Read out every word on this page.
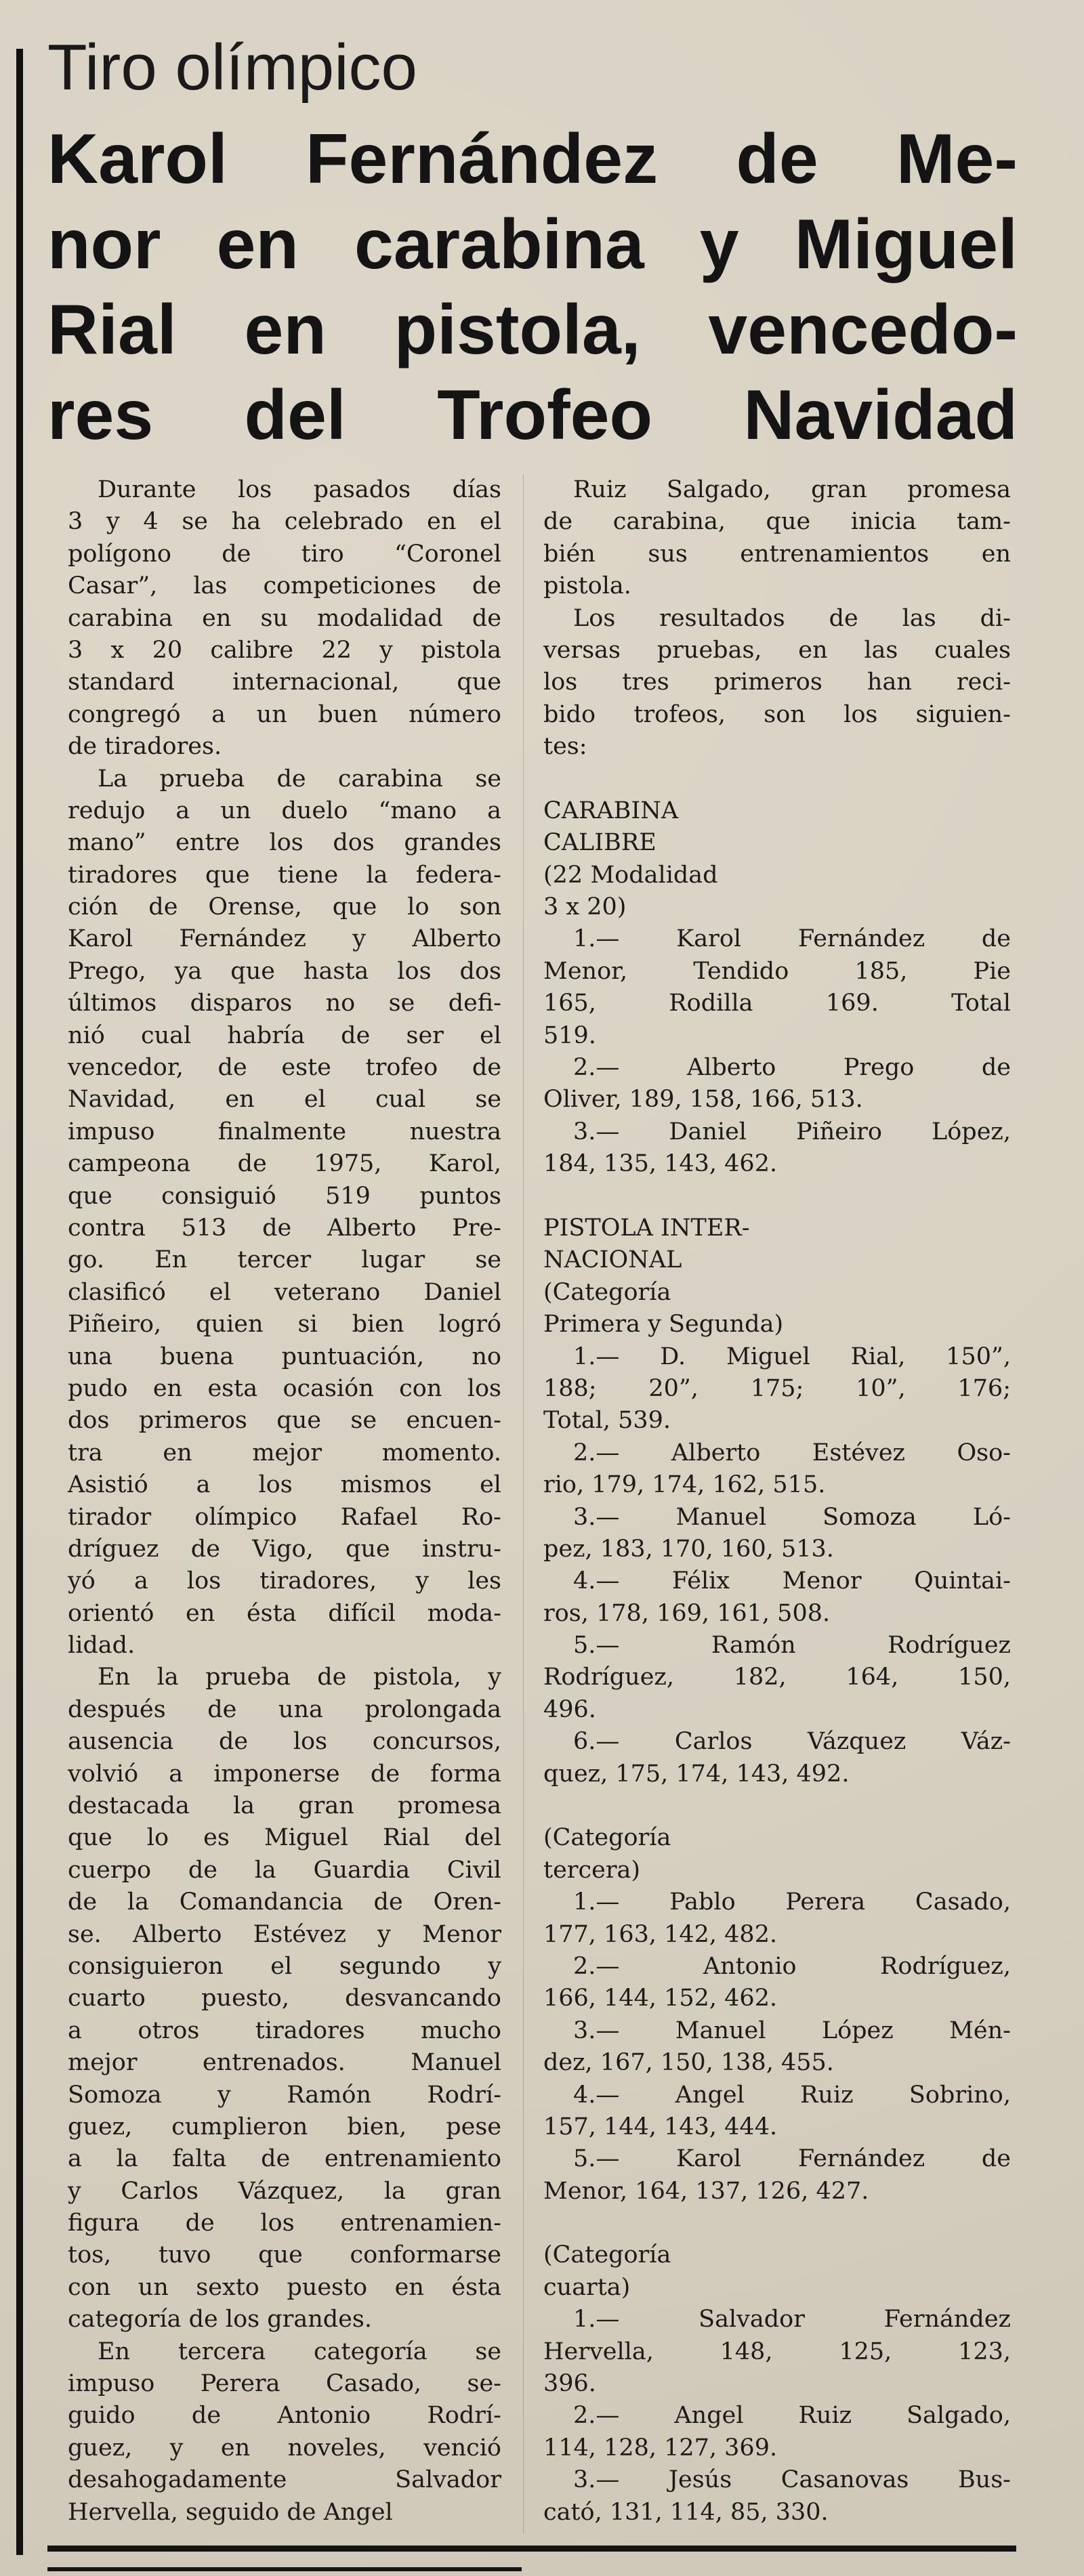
Tiro olímpico
Karol Fernández de Me-
nor en carabina y Miguel
Rial en pistola, vencedo-
res del Trofeo Navidad
Durante los pasados días
3 y 4 se ha celebrado en el
polígono de tiro “Coronel
Casar”, las competiciones de
carabina en su modalidad de
3 x 20 calibre 22 y pistola
standard internacional, que
congregó a un buen número
de tiradores.
La prueba de carabina se
redujo a un duelo “mano a
mano” entre los dos grandes
tiradores que tiene la federa-
ción de Orense, que lo son
Karol Fernández y Alberto
Prego, ya que hasta los dos
últimos disparos no se defi-
nió cual habría de ser el
vencedor, de este trofeo de
Navidad, en el cual se
impuso finalmente nuestra
campeona de 1975, Karol,
que consiguió 519 puntos
contra 513 de Alberto Pre-
go. En tercer lugar se
clasificó el veterano Daniel
Piñeiro, quien si bien logró
una buena puntuación, no
pudo en esta ocasión con los
dos primeros que se encuen-
tra en mejor momento.
Asistió a los mismos el
tirador olímpico Rafael Ro-
dríguez de Vigo, que instru-
yó a los tiradores, y les
orientó en ésta difícil moda-
lidad.
En la prueba de pistola, y
después de una prolongada
ausencia de los concursos,
volvió a imponerse de forma
destacada la gran promesa
que lo es Miguel Rial del
cuerpo de la Guardia Civil
de la Comandancia de Oren-
se. Alberto Estévez y Menor
consiguieron el segundo y
cuarto puesto, desvancando
a otros tiradores mucho
mejor entrenados. Manuel
Somoza y Ramón Rodrí-
guez, cumplieron bien, pese
a la falta de entrenamiento
y Carlos Vázquez, la gran
figura de los entrenamien-
tos, tuvo que conformarse
con un sexto puesto en ésta
categoría de los grandes.
En tercera categoría se
impuso Perera Casado, se-
guido de Antonio Rodrí-
guez, y en noveles, venció
desahogadamente Salvador
Hervella, seguido de Angel
Ruiz Salgado, gran promesa
de carabina, que inicia tam-
bién sus entrenamientos en
pistola.
Los resultados de las di-
versas pruebas, en las cuales
los tres primeros han reci-
bido trofeos, son los siguien-
tes:
CARABINA
CALIBRE
(22 Modalidad
3 x 20)
1.— Karol Fernández de
Menor, Tendido 185, Pie
165, Rodilla 169. Total
519.
2.— Alberto Prego de
Oliver, 189, 158, 166, 513.
3.— Daniel Piñeiro López,
184, 135, 143, 462.
PISTOLA INTER-
NACIONAL
(Categoría
Primera y Segunda)
1.— D. Miguel Rial, 150”,
188; 20”, 175; 10”, 176;
Total, 539.
2.— Alberto Estévez Oso-
rio, 179, 174, 162, 515.
3.— Manuel Somoza Ló-
pez, 183, 170, 160, 513.
4.— Félix Menor Quintai-
ros, 178, 169, 161, 508.
5.— Ramón Rodríguez
Rodríguez, 182, 164, 150,
496.
6.— Carlos Vázquez Váz-
quez, 175, 174, 143, 492.
(Categoría
tercera)
1.— Pablo Perera Casado,
177, 163, 142, 482.
2.— Antonio Rodríguez,
166, 144, 152, 462.
3.— Manuel López Mén-
dez, 167, 150, 138, 455.
4.— Angel Ruiz Sobrino,
157, 144, 143, 444.
5.— Karol Fernández de
Menor, 164, 137, 126, 427.
(Categoría
cuarta)
1.— Salvador Fernández
Hervella, 148, 125, 123,
396.
2.— Angel Ruiz Salgado,
114, 128, 127, 369.
3.— Jesús Casanovas Bus-
cató, 131, 114, 85, 330.
